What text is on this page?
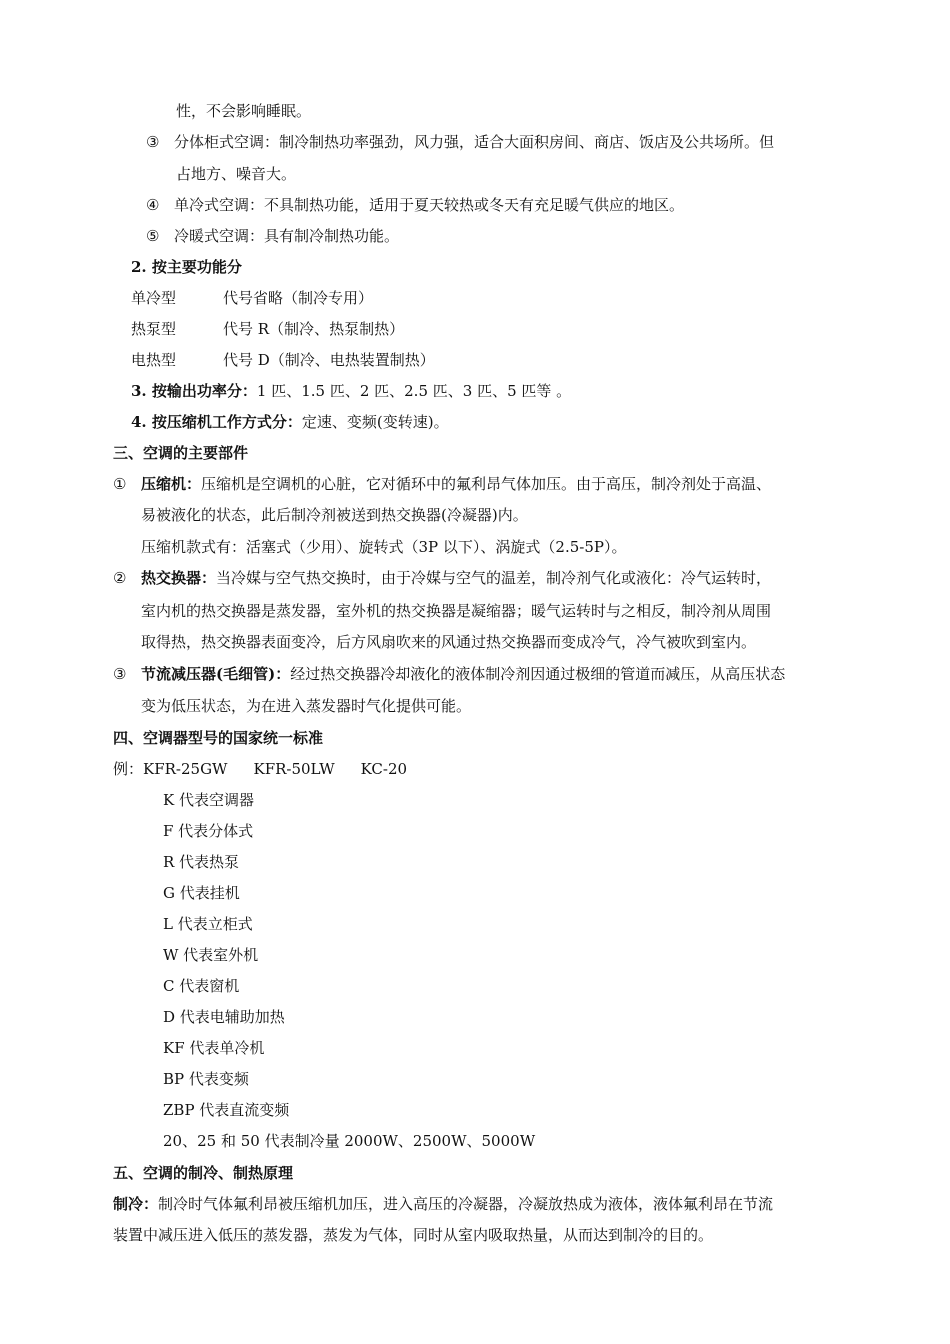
性，不会影响睡眠。
③ 分体柜式空调：制冷制热功率强劲，风力强，适合大面积房间、商店、饭店及公共场所。但
占地方、噪音大。
④ 单冷式空调：不具制热功能，适用于夏天较热或冬天有充足暖气供应的地区。
⑤ 冷暖式空调：具有制冷制热功能。
2. 按主要功能分
单冷型	代号省略（制冷专用）
热泵型	代号 R（制冷、热泵制热）
电热型	代号 D（制冷、电热装置制热）
3. 按输出功率分：1 匹、1.5 匹、2 匹、2.5 匹、3 匹、5 匹等 。
4. 按压缩机工作方式分：定速、变频(变转速)。
三、空调的主要部件
① 压缩机：压缩机是空调机的心脏，它对循环中的氟利昂气体加压。由于高压，制冷剂处于高温、
易被液化的状态，此后制冷剂被送到热交换器(冷凝器)内。
压缩机款式有：活塞式（少用）、旋转式（3P 以下）、涡旋式（2.5-5P）。
② 热交换器：当冷媒与空气热交换时，由于冷媒与空气的温差，制冷剂气化或液化：冷气运转时，
室内机的热交换器是蒸发器，室外机的热交换器是凝缩器；暖气运转时与之相反，制冷剂从周围
取得热，热交换器表面变冷，后方风扇吹来的风通过热交换器而变成冷气，冷气被吹到室内。
③ 节流减压器(毛细管)：经过热交换器冷却液化的液体制冷剂因通过极细的管道而减压，从高压状态
变为低压状态，为在进入蒸发器时气化提供可能。
四、空调器型号的国家统一标准
例：KFR-25GW KFR-50LW KC-20
K 代表空调器
F 代表分体式
R 代表热泵
G 代表挂机
L 代表立柜式
W 代表室外机
C 代表窗机
D 代表电辅助加热
KF 代表单冷机
BP 代表变频
ZBP 代表直流变频
20、25 和 50 代表制冷量 2000W、2500W、5000W
五、空调的制冷、制热原理
制冷：制冷时气体氟利昂被压缩机加压，进入高压的冷凝器，冷凝放热成为液体，液体氟利昂在节流
装置中减压进入低压的蒸发器，蒸发为气体，同时从室内吸取热量，从而达到制冷的目的。
